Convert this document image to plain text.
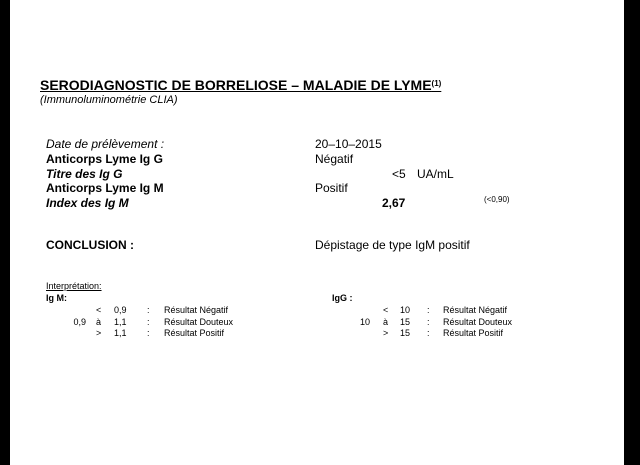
SERODIAGNOSTIC DE BORRELIOSE – MALADIE DE LYME$^{(1)}$
(Immunoluminométrie CLIA)
Date de prélèvement :	20–10–2015
Anticorps Lyme Ig G	Négatif
Titre des Ig G	<5 UA/mL
Anticorps Lyme Ig M	Positif
Index des Ig M	2,67	(<0,90)
CONCLUSION :	Dépistage de type IgM positif
Interprétation:
Ig M:	IgG :
< 0,9 : Résultat Négatif
0,9 à 1,1 : Résultat Douteux
> 1,1 : Résultat Positif
< 10 : Résultat Négatif
10 à 15 : Résultat Douteux
> 15 : Résultat Positif
